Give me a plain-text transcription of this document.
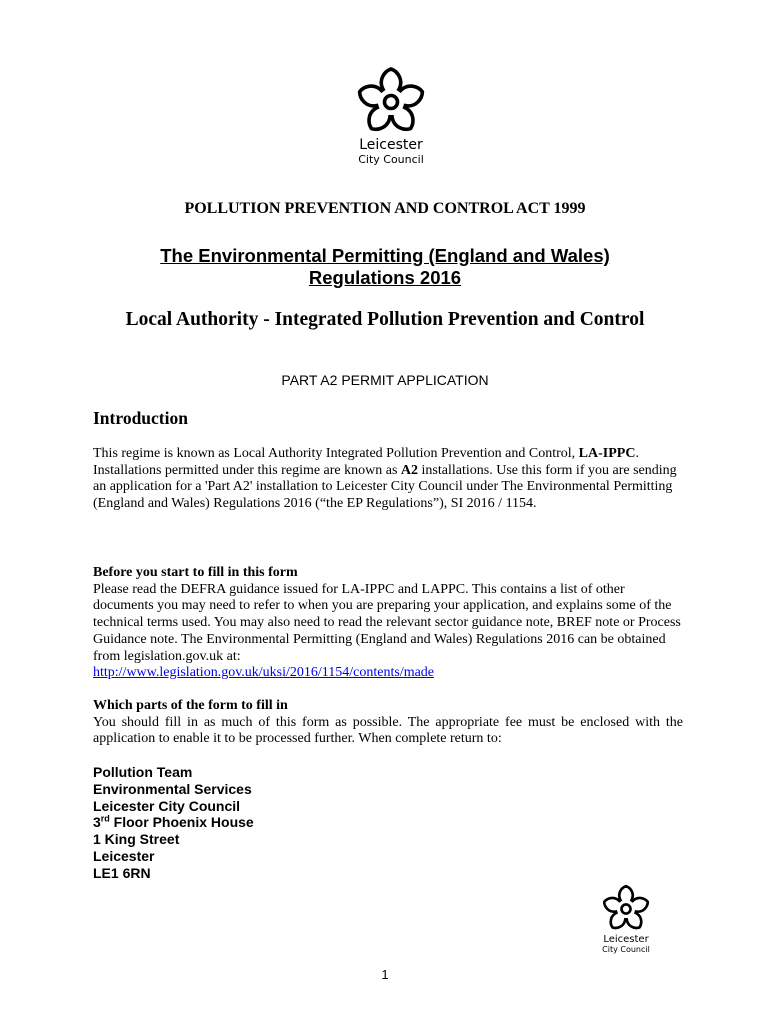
Leicester
City Council
POLLUTION PREVENTION AND CONTROL ACT 1999
The Environmental Permitting (England and Wales)
Regulations 2016
Local Authority - Integrated Pollution Prevention and Control
PART A2 PERMIT APPLICATION
Introduction
This regime is known as Local Authority Integrated Pollution Prevention and Control, LA-IPPC. Installations permitted under this regime are known as A2 installations. Use this form if you are sending an application for a 'Part A2' installation to Leicester City Council under The Environmental Permitting (England and Wales) Regulations 2016 (“the EP Regulations”), SI 2016 / 1154.
Before you start to fill in this form
Please read the DEFRA guidance issued for LA-IPPC and LAPPC. This contains a list of other documents you may need to refer to when you are preparing your application, and explains some of the technical terms used. You may also need to read the relevant sector guidance note, BREF note or Process Guidance note. The Environmental Permitting (England and Wales) Regulations 2016 can be obtained from legislation.gov.uk at:
http://www.legislation.gov.uk/uksi/2016/1154/contents/made
Which parts of the form to fill in
You should fill in as much of this form as possible. The appropriate fee must be enclosed with the application to enable it to be processed further. When complete return to:
Pollution Team
Environmental Services
Leicester City Council
3rd Floor Phoenix House
1 King Street
Leicester
LE1 6RN
Leicester
City Council
1
